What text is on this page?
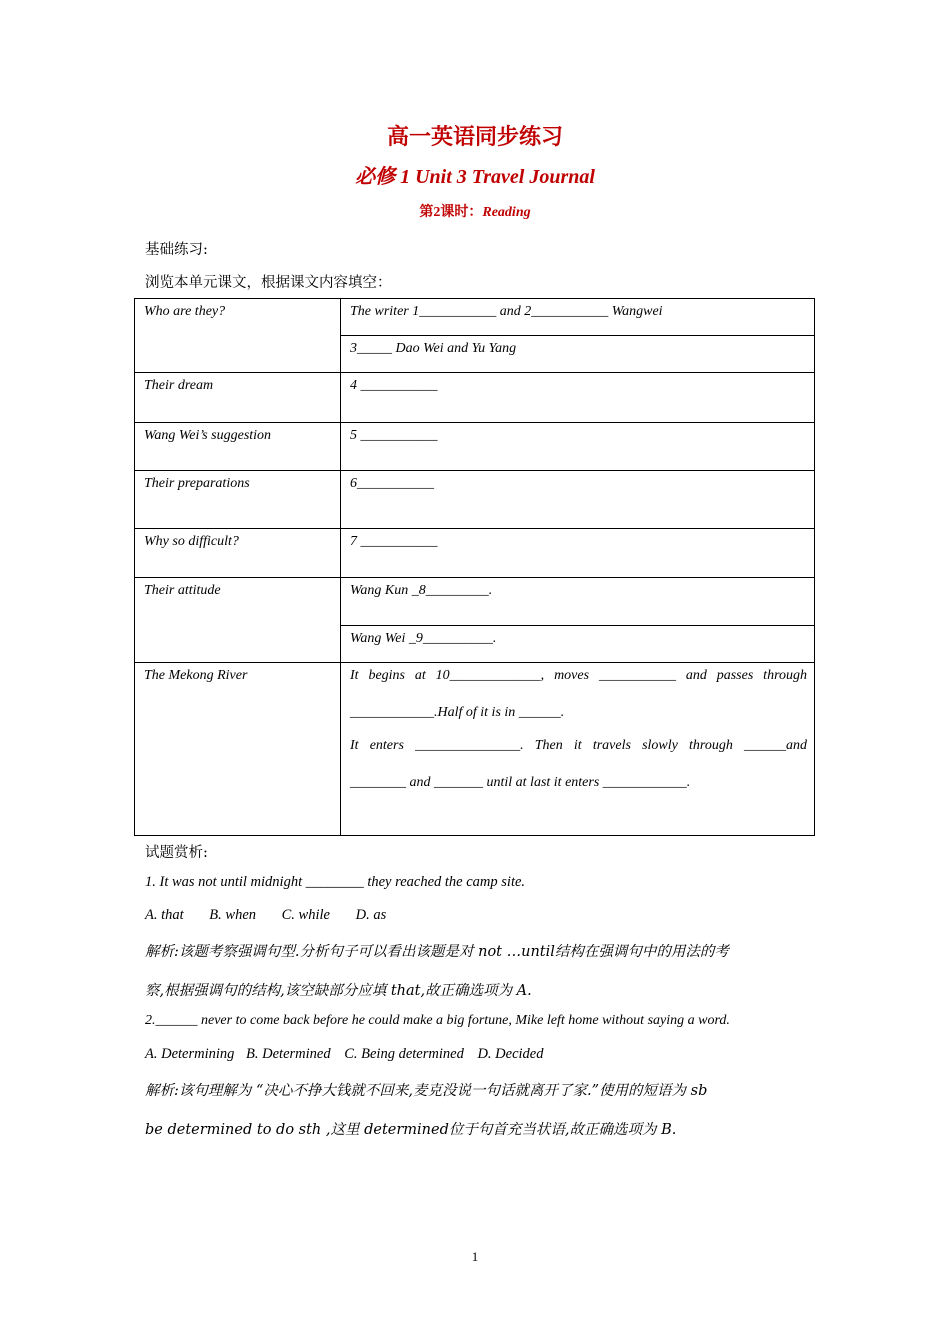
高一英语同步练习
必修 1 Unit 3 Travel Journal
第2课时：Reading
基础练习:
浏览本单元课文，根据课文内容填空：
Who are they?	The writer 1___________ and 2___________ Wangwei
	3_____ Dao Wei and Yu Yang
Their dream	4 ___________
Wang Wei’s suggestion	5 ___________
Their preparations	6___________
Why so difficult?	7 ___________
Their attitude	Wang Kun _8_________.
	Wang Wei _9__________.
The Mekong River	It begins at 10_____________, moves ___________ and passes through
____________.Half of it is in ______.
It enters _______________. Then it travels slowly through ______and
________ and _______ until at last it enters ____________.
试题赏析:
1. It was not until midnight ________ they reached the camp site.
A. that B. when C. while D. as
解析:该题考察强调句型.分析句子可以看出该题是对 not …until结构在强调句中的用法的考
察,根据强调句的结构,该空缺部分应填 that,故正确选项为 A.
2.______ never to come back before he could make a big fortune, Mike left home without saying a word.
A. Determining B. Determined C. Being determined D. Decided
解析:该句理解为 “决心不挣大钱就不回来,麦克没说一句话就离开了家.”使用的短语为 sb
be determined to do sth ,这里 determined位于句首充当状语,故正确选项为 B.
1
